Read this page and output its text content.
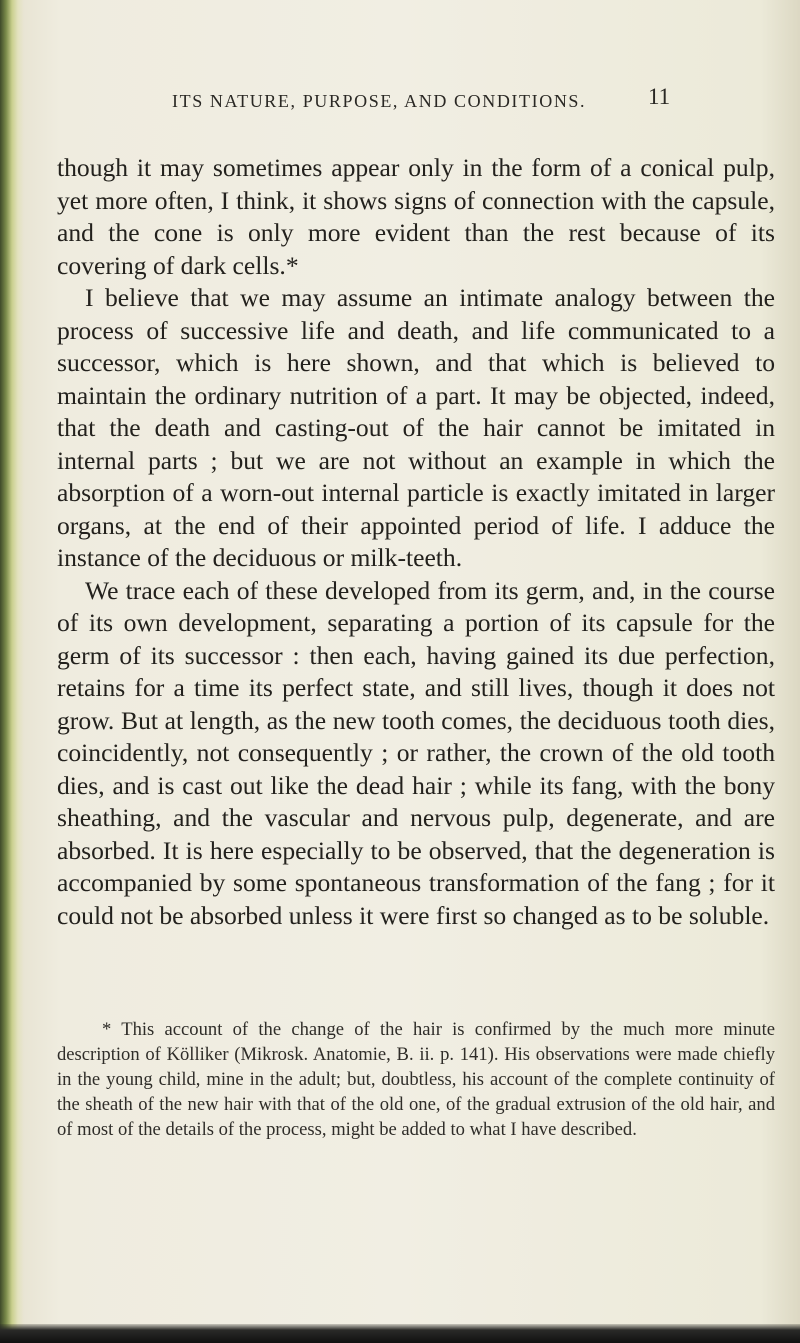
ITS NATURE, PURPOSE, AND CONDITIONS.	11

though it may sometimes appear only in the form of a conical pulp, yet more often, I think, it shows signs of connection with the capsule, and the cone is only more evident than the rest because of its covering of dark cells.*

I believe that we may assume an intimate analogy between the process of successive life and death, and life communicated to a successor, which is here shown, and that which is believed to maintain the ordinary nutrition of a part. It may be objected, indeed, that the death and casting-out of the hair cannot be imitated in internal parts ; but we are not without an example in which the absorption of a worn-out internal particle is exactly imitated in larger organs, at the end of their appointed period of life. I adduce the instance of the deciduous or milk-teeth.

We trace each of these developed from its germ, and, in the course of its own development, separating a portion of its capsule for the germ of its successor : then each, having gained its due perfection, retains for a time its perfect state, and still lives, though it does not grow. But at length, as the new tooth comes, the deciduous tooth dies, coincidently, not consequently ; or rather, the crown of the old tooth dies, and is cast out like the dead hair ; while its fang, with the bony sheathing, and the vascular and nervous pulp, degenerate, and are absorbed. It is here especially to be observed, that the degeneration is accompanied by some spontaneous transformation of the fang ; for it could not be absorbed unless it were first so changed as to be soluble.

* This account of the change of the hair is confirmed by the much more minute description of Kölliker (Mikrosk. Anatomie, B. ii. p. 141). His observations were made chiefly in the young child, mine in the adult; but, doubtless, his account of the complete continuity of the sheath of the new hair with that of the old one, of the gradual extrusion of the old hair, and of most of the details of the process, might be added to what I have described.
